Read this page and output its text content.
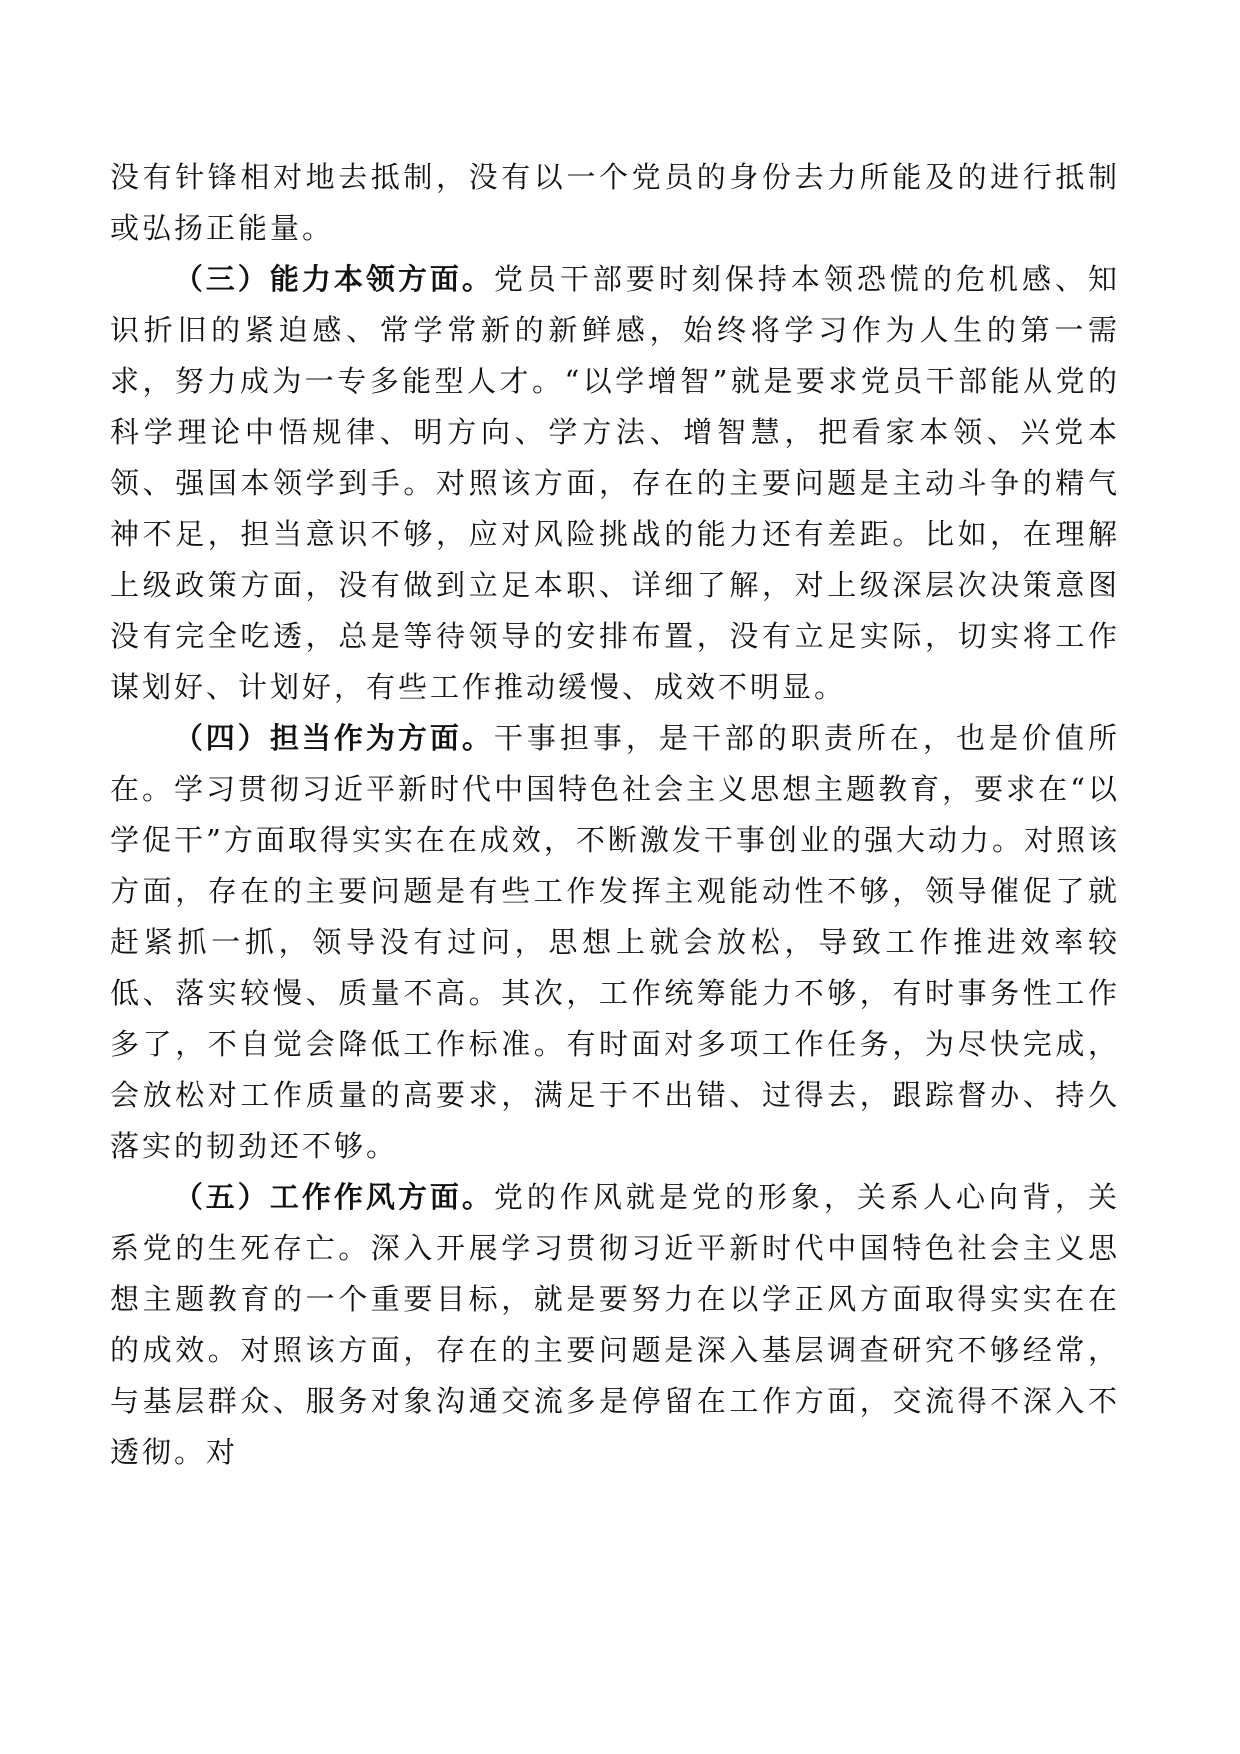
没有针锋相对地去抵制，没有以一个党员的身份去力所能及的进行抵制或弘扬正能量。

（三）能力本领方面。党员干部要时刻保持本领恐慌的危机感、知识折旧的紧迫感、常学常新的新鲜感，始终将学习作为人生的第一需求，努力成为一专多能型人才。“以学增智”就是要求党员干部能从党的科学理论中悟规律、明方向、学方法、增智慧，把看家本领、兴党本领、强国本领学到手。对照该方面，存在的主要问题是主动斗争的精气神不足，担当意识不够，应对风险挑战的能力还有差距。比如，在理解上级政策方面，没有做到立足本职、详细了解，对上级深层次决策意图没有完全吃透，总是等待领导的安排布置，没有立足实际，切实将工作谋划好、计划好，有些工作推动缓慢、成效不明显。

（四）担当作为方面。干事担事，是干部的职责所在，也是价值所在。学习贯彻习近平新时代中国特色社会主义思想主题教育，要求在“以学促干”方面取得实实在在成效，不断激发干事创业的强大动力。对照该方面，存在的主要问题是有些工作发挥主观能动性不够，领导催促了就赶紧抓一抓，领导没有过问，思想上就会放松，导致工作推进效率较低、落实较慢、质量不高。其次，工作统筹能力不够，有时事务性工作多了，不自觉会降低工作标准。有时面对多项工作任务，为尽快完成，会放松对工作质量的高要求，满足于不出错、过得去，跟踪督办、持久落实的韧劲还不够。

（五）工作作风方面。党的作风就是党的形象，关系人心向背，关系党的生死存亡。深入开展学习贯彻习近平新时代中国特色社会主义思想主题教育的一个重要目标，就是要努力在以学正风方面取得实实在在的成效。对照该方面，存在的主要问题是深入基层调查研究不够经常，与基层群众、服务对象沟通交流多是停留在工作方面，交流得不深入不透彻。对
